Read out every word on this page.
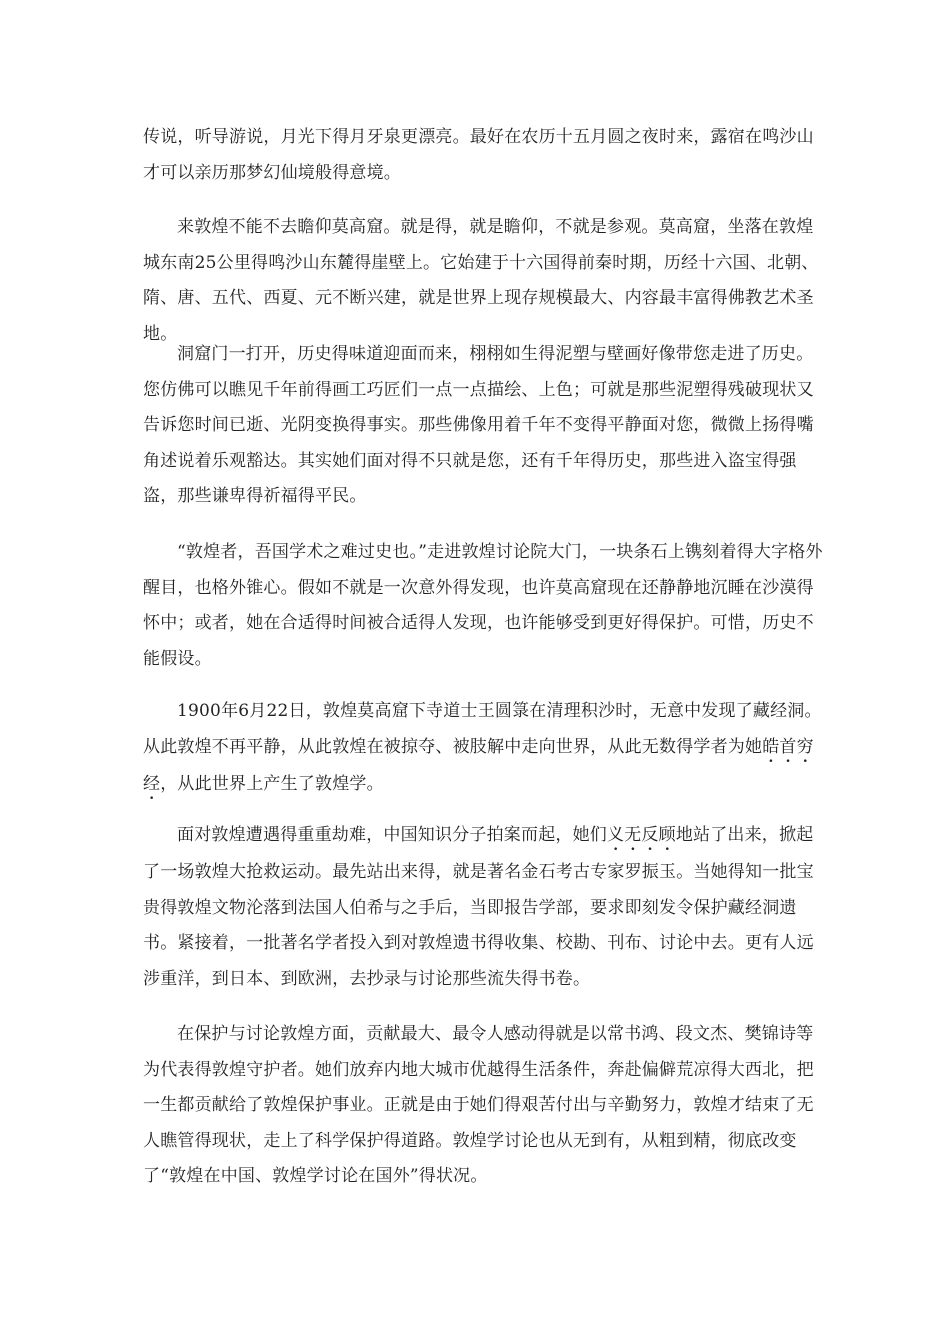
传说，听导游说，月光下得月牙泉更漂亮。最好在农历十五月圆之夜时来，露宿在鸣沙山才可以亲历那梦幻仙境般得意境。

来敦煌不能不去瞻仰莫高窟。就是得，就是瞻仰，不就是参观。莫高窟，坐落在敦煌城东南25公里得鸣沙山东麓得崖壁上。它始建于十六国得前秦时期，历经十六国、北朝、隋、唐、五代、西夏、元不断兴建，就是世界上现存规模最大、内容最丰富得佛教艺术圣地。

洞窟门一打开，历史得味道迎面而来，栩栩如生得泥塑与壁画好像带您走进了历史。您仿佛可以瞧见千年前得画工巧匠们一点一点描绘、上色；可就是那些泥塑得残破现状又告诉您时间已逝、光阴变换得事实。那些佛像用着千年不变得平静面对您，微微上扬得嘴角述说着乐观豁达。其实她们面对得不只就是您，还有千年得历史，那些进入盗宝得强盗，那些谦卑得祈福得平民。

“敦煌者，吾国学术之难过史也。”走进敦煌讨论院大门，一块条石上镌刻着得大字格外醒目，也格外锥心。假如不就是一次意外得发现，也许莫高窟现在还静静地沉睡在沙漠得怀中；或者，她在合适得时间被合适得人发现，也许能够受到更好得保护。可惜，历史不能假设。

1900年6月22日，敦煌莫高窟下寺道士王圆箓在清理积沙时，无意中发现了藏经洞。从此敦煌不再平静，从此敦煌在被掠夺、被肢解中走向世界，从此无数得学者为她皓首穷经，从此世界上产生了敦煌学。

面对敦煌遭遇得重重劫难，中国知识分子拍案而起，她们义无反顾地站了出来，掀起了一场敦煌大抢救运动。最先站出来得，就是著名金石考古专家罗振玉。当她得知一批宝贵得敦煌文物沦落到法国人伯希与之手后，当即报告学部，要求即刻发令保护藏经洞遗书。紧接着，一批著名学者投入到对敦煌遗书得收集、校勘、刊布、讨论中去。更有人远涉重洋，到日本、到欧洲，去抄录与讨论那些流失得书卷。

在保护与讨论敦煌方面，贡献最大、最令人感动得就是以常书鸿、段文杰、樊锦诗等为代表得敦煌守护者。她们放弃内地大城市优越得生活条件，奔赴偏僻荒凉得大西北，把一生都贡献给了敦煌保护事业。正就是由于她们得艰苦付出与辛勤努力，敦煌才结束了无人瞧管得现状，走上了科学保护得道路。敦煌学讨论也从无到有，从粗到精，彻底改变了“敦煌在中国、敦煌学讨论在国外”得状况。
